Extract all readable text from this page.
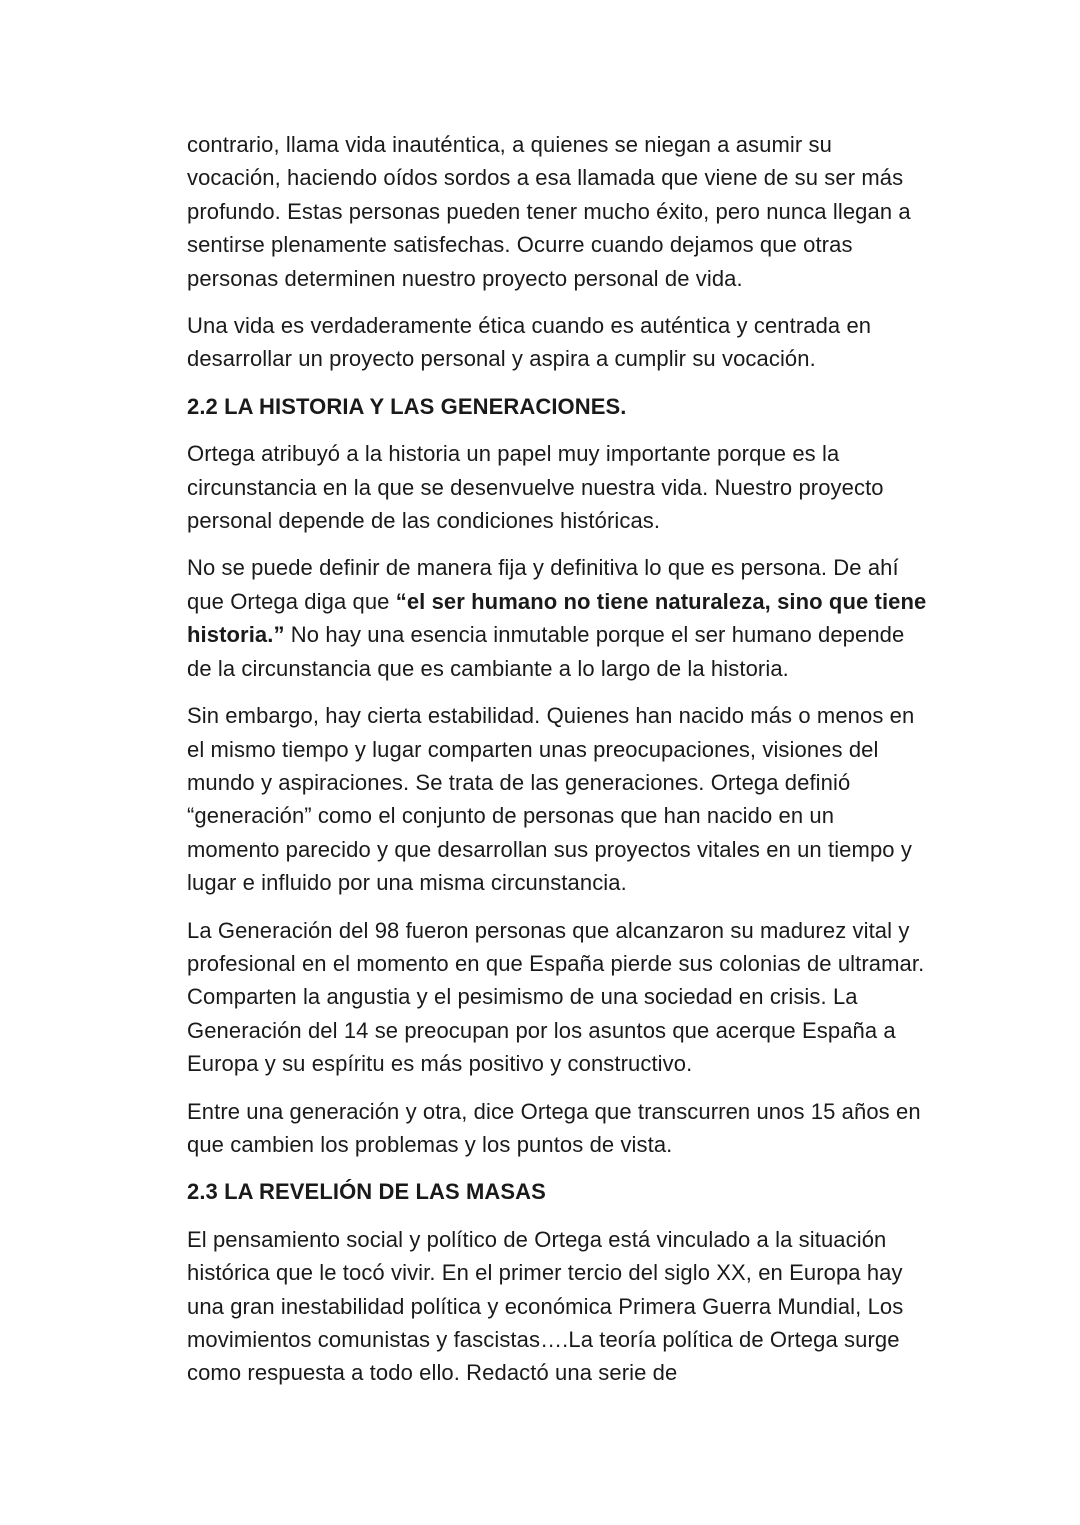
contrario, llama vida inauténtica, a quienes se niegan a asumir su vocación, haciendo oídos sordos a esa llamada que viene de su ser más profundo. Estas personas pueden tener mucho éxito, pero nunca llegan a sentirse plenamente satisfechas. Ocurre cuando dejamos que otras personas determinen nuestro proyecto personal de vida.

Una vida es verdaderamente ética cuando es auténtica y centrada en desarrollar un proyecto personal y aspira a cumplir su vocación.

2.2 LA HISTORIA Y LAS GENERACIONES.

Ortega atribuyó a la historia un papel muy importante porque es la circunstancia en la que se desenvuelve nuestra vida. Nuestro proyecto personal depende de las condiciones históricas.

No se puede definir de manera fija y definitiva lo que es persona. De ahí que Ortega diga que “el ser humano no tiene naturaleza, sino que tiene historia.” No hay una esencia inmutable porque el ser humano depende de la circunstancia que es cambiante a lo largo de la historia.

Sin embargo, hay cierta estabilidad. Quienes han nacido más o menos en el mismo tiempo y lugar comparten unas preocupaciones, visiones del mundo y aspiraciones. Se trata de las generaciones. Ortega definió “generación” como el conjunto de personas que han nacido en un momento parecido y que desarrollan sus proyectos vitales en un tiempo y lugar e influido por una misma circunstancia.

La Generación del 98 fueron personas que alcanzaron su madurez vital y profesional en el momento en que España pierde sus colonias de ultramar. Comparten la angustia y el pesimismo de una sociedad en crisis. La Generación del 14 se preocupan por los asuntos que acerque España a Europa y su espíritu es más positivo y constructivo.

Entre una generación y otra, dice Ortega que transcurren unos 15 años en que cambien los problemas y los puntos de vista.

2.3 LA REVELIÓN DE LAS MASAS

El pensamiento social y político de Ortega está vinculado a la situación histórica que le tocó vivir. En el primer tercio del siglo XX, en Europa hay una gran inestabilidad política y económica Primera Guerra Mundial, Los movimientos comunistas y fascistas….La teoría política de Ortega surge como respuesta a todo ello. Redactó una serie de
